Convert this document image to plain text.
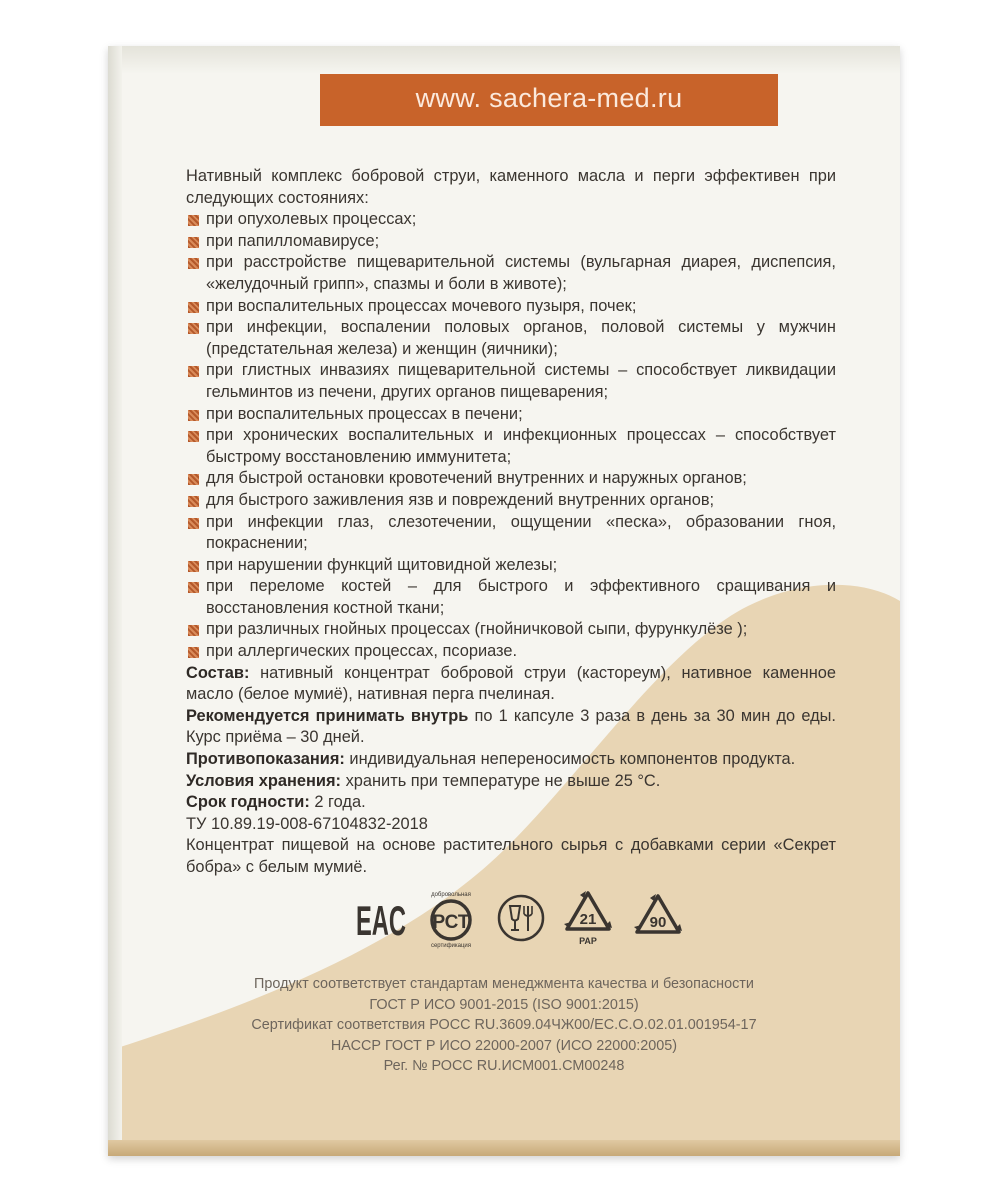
www. sachera-med.ru

Нативный комплекс бобровой струи, каменного масла и перги эффективен при следующих состояниях:

при опухолевых процессах;
при папилломавирусе;
при расстройстве пищеварительной системы (вульгарная диарея, диспепсия, «желудочный грипп», спазмы и боли в животе);
при воспалительных процессах мочевого пузыря, почек;
при инфекции, воспалении половых органов, половой системы у мужчин (предстательная железа) и женщин (яичники);
при глистных инвазиях пищеварительной системы – способствует ликвидации гельминтов из печени, других органов пищеварения;
при воспалительных процессах в печени;
при хронических воспалительных и инфекционных процессах – способствует быстрому восстановлению иммунитета;
для быстрой остановки кровотечений внутренних и наружных органов;
для быстрого заживления язв и повреждений внутренних органов;
при инфекции глаз, слезотечении, ощущении «песка», образовании гноя, покраснении;
при нарушении функций щитовидной железы;
при переломе костей – для быстрого и эффективного сращивания и восстановления костной ткани;
при различных гнойных процессах (гнойничковой сыпи, фурункулёзе );
при аллергических процессах, псориазе.

Состав: нативный концентрат бобровой струи (кастореум), нативное каменное масло (белое мумиё), нативная перга пчелиная.

Рекомендуется принимать внутрь по 1 капсуле 3 раза в день за 30 мин до еды. Курс приёма – 30 дней.

Противопоказания: индивидуальная непереносимость компонентов продукта.

Условия хранения: хранить при температуре не выше 25 °С.

Срок годности: 2 года.

ТУ 10.89.19-008-67104832-2018

Концентрат пищевой на основе растительного сырья с добавками серии «Секрет бобра» с белым мумиё.

EAC РСТ
добровольная
сертификация
21
PAP
90
Продукт соответствует стандартам менеджмента качества и безопасности
ГОСТ Р ИСО 9001-2015 (ISO 9001:2015)
Сертификат соответствия РОСС RU.3609.04ЧЖ00/ЕС.С.О.02.01.001954-17
НАССР ГОСТ Р ИСО 22000-2007 (ИСО 22000:2005)
Рег. № РОСС RU.ИСМ001.СМ00248
